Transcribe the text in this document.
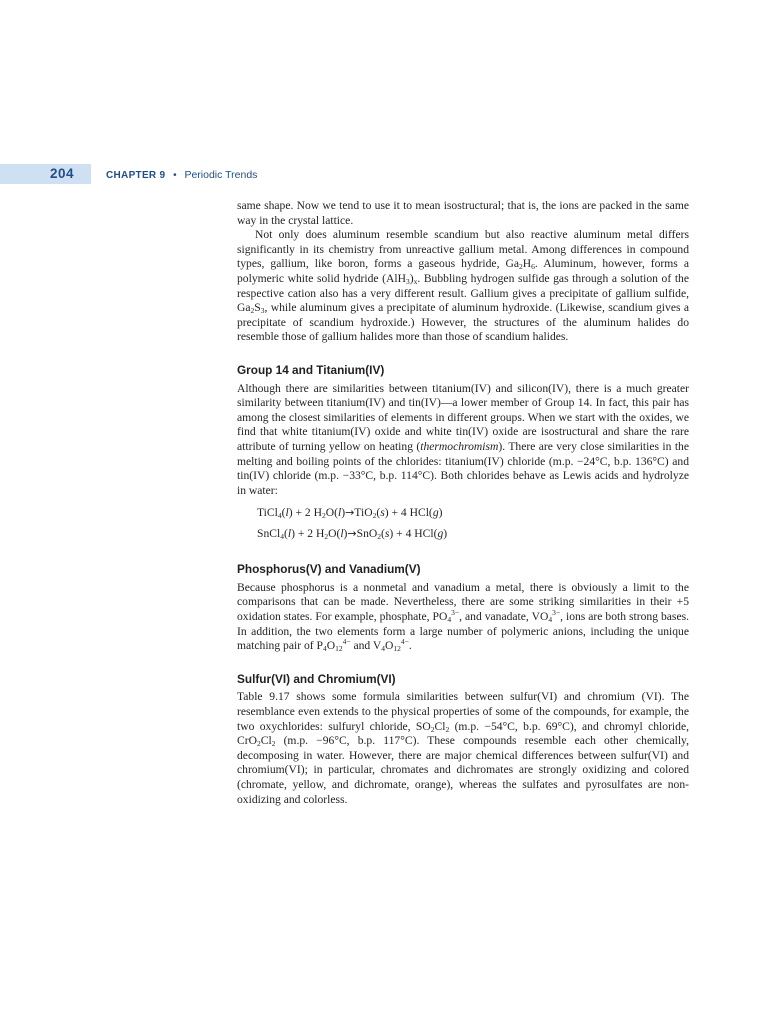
204	CHAPTER 9 • Periodic Trends

same shape. Now we tend to use it to mean isostructural; that is, the ions are packed in the same way in the crystal lattice.

Not only does aluminum resemble scandium but also reactive aluminum metal differs significantly in its chemistry from unreactive gallium metal. Among differences in compound types, gallium, like boron, forms a gaseous hydride, $Ga_2H_6$. Aluminum, however, forms a polymeric white solid hydride $(AlH_3)_x$. Bubbling hydrogen sulfide gas through a solution of the respective cation also has a very different result. Gallium gives a precipitate of gallium sulfide, $Ga_2S_3$, while aluminum gives a precipitate of aluminum hydroxide. (Likewise, scandium gives a precipitate of scandium hydroxide.) However, the structures of the aluminum halides do resemble those of gallium halides more than those of scandium halides.

Group 14 and Titanium(IV)

Although there are similarities between titanium(IV) and silicon(IV), there is a much greater similarity between titanium(IV) and tin(IV)—a lower member of Group 14. In fact, this pair has among the closest similarities of elements in different groups. When we start with the oxides, we find that white titanium(IV) oxide and white tin(IV) oxide are isostructural and share the rare attribute of turning yellow on heating (thermochromism). There are very close similarities in the melting and boiling points of the chlorides: titanium(IV) chloride (m.p. −24°C, b.p. 136°C) and tin(IV) chloride (m.p. −33°C, b.p. 114°C). Both chlorides behave as Lewis acids and hydrolyze in water:

TiCl$_4$(l) + 2 $H_2O(l)\to TiO_2(s) + 4$ HCl(g)
SnCl$_4$(l) + 2 $H_2O(l)\to SnO_2(s) + 4$ HCl(g)
Phosphorus(V) and Vanadium(V)

Because phosphorus is a nonmetal and vanadium a metal, there is obviously a limit to the comparisons that can be made. Nevertheless, there are some striking similarities in their +5 oxidation states. For example, phosphate, $PO_4^{3-}$, and vanadate, $VO_4^{3-}$, ions are both strong bases. In addition, the two elements form a large number of polymeric anions, including the unique matching pair of $P_4O_{12}^{4-}$ and $V_4O_{12}^{4-}$.

Sulfur(VI) and Chromium(VI)

Table 9.17 shows some formula similarities between sulfur(VI) and chromium (VI). The resemblance even extends to the physical properties of some of the compounds, for example, the two oxychlorides: sulfuryl chloride, $SO_2Cl_2$ (m.p. −54°C, b.p. 69°C), and chromyl chloride, $CrO_2Cl_2$ (m.p. −96°C, b.p. 117°C). These compounds resemble each other chemically, decomposing in water. However, there are major chemical differences between sulfur(VI) and chromium(VI); in particular, chromates and dichromates are strongly oxidizing and colored (chromate, yellow, and dichromate, orange), whereas the sulfates and pyrosulfates are non-oxidizing and colorless.
